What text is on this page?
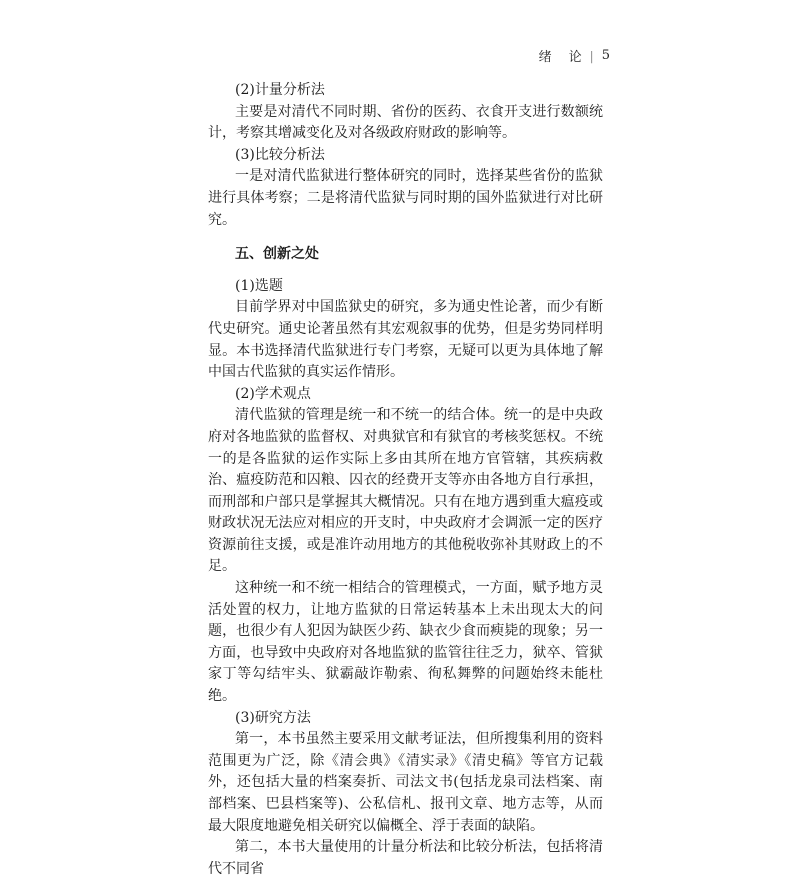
绪　论 | 5

(2)计量分析法

主要是对清代不同时期、省份的医药、衣食开支进行数额统计，考察其增减变化及对各级政府财政的影响等。

(3)比较分析法

一是对清代监狱进行整体研究的同时，选择某些省份的监狱进行具体考察；二是将清代监狱与同时期的国外监狱进行对比研究。

五、创新之处

(1)选题

目前学界对中国监狱史的研究，多为通史性论著，而少有断代史研究。通史论著虽然有其宏观叙事的优势，但是劣势同样明显。本书选择清代监狱进行专门考察，无疑可以更为具体地了解中国古代监狱的真实运作情形。

(2)学术观点

清代监狱的管理是统一和不统一的结合体。统一的是中央政府对各地监狱的监督权、对典狱官和有狱官的考核奖惩权。不统一的是各监狱的运作实际上多由其所在地方官管辖，其疾病救治、瘟疫防范和囚粮、囚衣的经费开支等亦由各地方自行承担，而刑部和户部只是掌握其大概情况。只有在地方遇到重大瘟疫或财政状况无法应对相应的开支时，中央政府才会调派一定的医疗资源前往支援，或是准许动用地方的其他税收弥补其财政上的不足。

这种统一和不统一相结合的管理模式，一方面，赋予地方灵活处置的权力，让地方监狱的日常运转基本上未出现太大的问题，也很少有人犯因为缺医少药、缺衣少食而瘐毙的现象；另一方面，也导致中央政府对各地监狱的监管往往乏力，狱卒、管狱家丁等勾结牢头、狱霸敲诈勒索、徇私舞弊的问题始终未能杜绝。

(3)研究方法

第一，本书虽然主要采用文献考证法，但所搜集利用的资料范围更为广泛，除《清会典》《清实录》《清史稿》等官方记载外，还包括大量的档案奏折、司法文书(包括龙泉司法档案、南部档案、巴县档案等)、公私信札、报刊文章、地方志等，从而最大限度地避免相关研究以偏概全、浮于表面的缺陷。

第二，本书大量使用的计量分析法和比较分析法，包括将清代不同省
